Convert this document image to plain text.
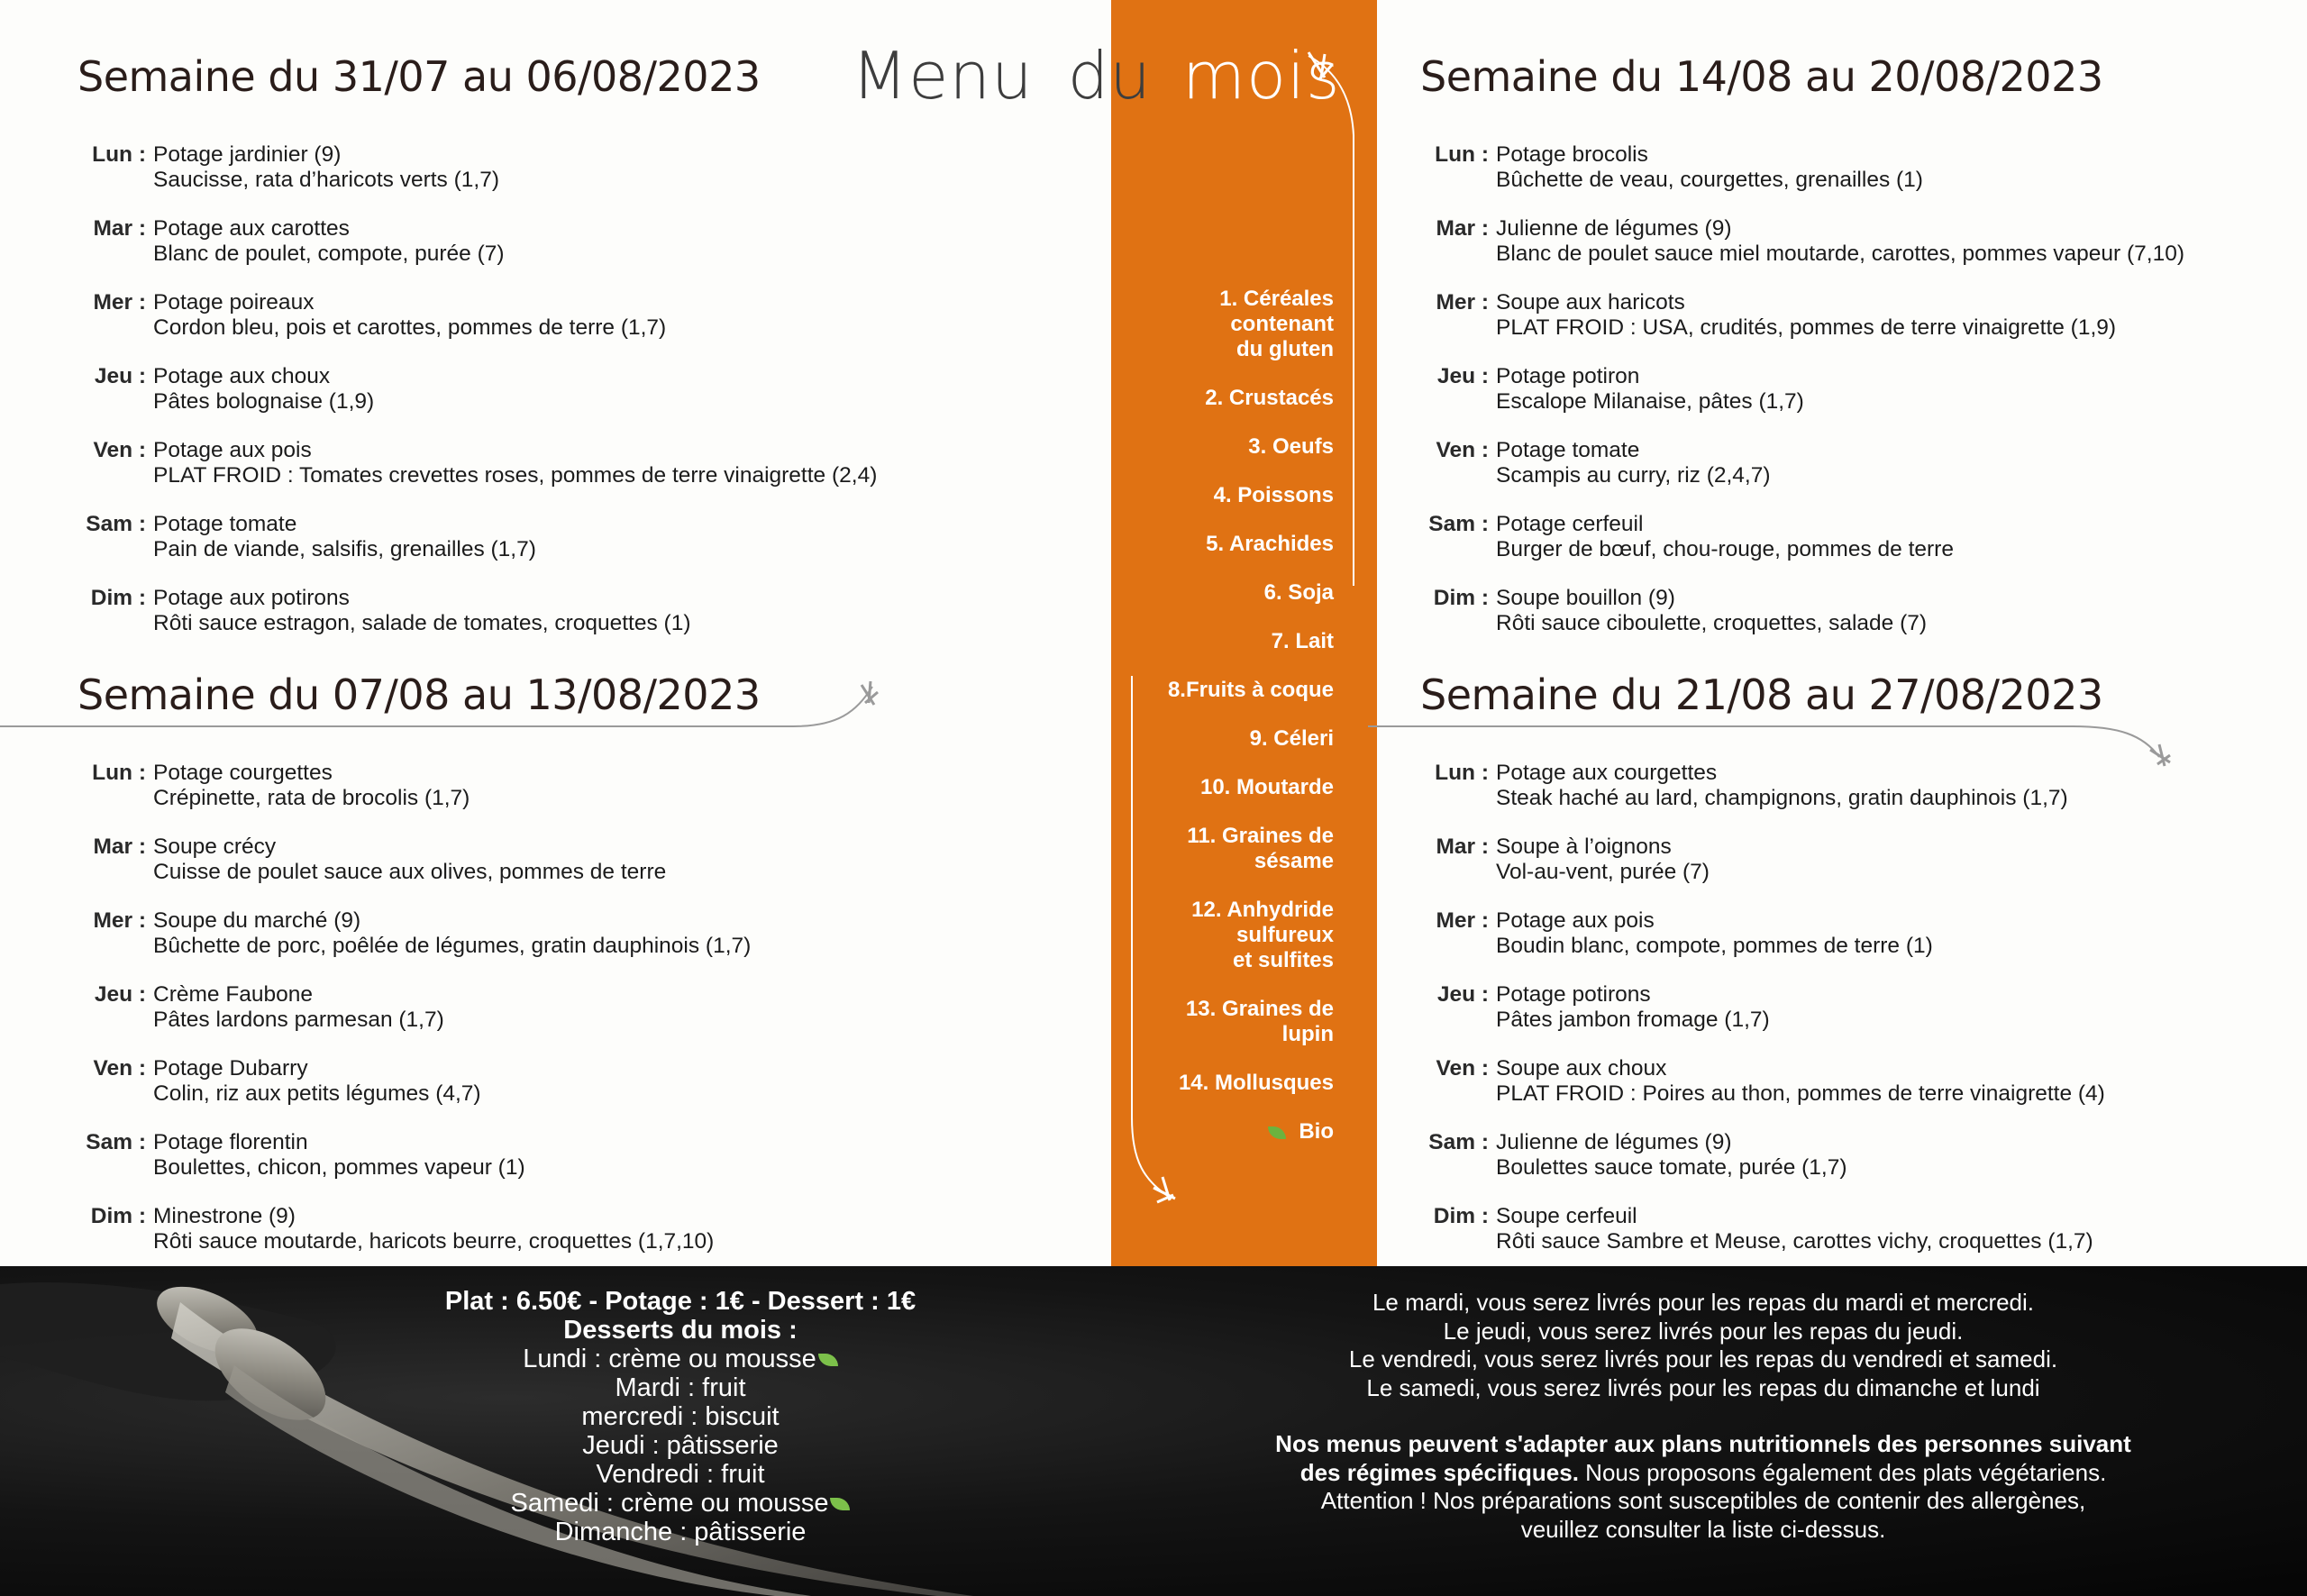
Menu du mois
Semaine du 31/07 au 06/08/2023
Lun : Potage jardinier (9)
Saucisse, rata d’haricots verts (1,7)
Mar : Potage aux carottes
Blanc de poulet, compote, purée (7)
Mer : Potage poireaux
Cordon bleu, pois et carottes, pommes de terre (1,7)
Jeu : Potage aux choux
Pâtes bolognaise (1,9)
Ven : Potage aux pois
PLAT FROID : Tomates crevettes roses, pommes de terre vinaigrette (2,4)
Sam : Potage tomate
Pain de viande, salsifis, grenailles (1,7)
Dim : Potage aux potirons
Rôti sauce estragon, salade de tomates, croquettes (1)
Semaine du 07/08 au 13/08/2023
Lun : Potage courgettes
Crépinette, rata de brocolis (1,7)
Mar : Soupe crécy
Cuisse de poulet sauce aux olives, pommes de terre
Mer : Soupe du marché (9)
Bûchette de porc, poêlée de légumes, gratin dauphinois (1,7)
Jeu : Crème Faubone
Pâtes lardons parmesan (1,7)
Ven : Potage Dubarry
Colin, riz aux petits légumes (4,7)
Sam : Potage florentin
Boulettes, chicon, pommes vapeur (1)
Dim : Minestrone (9)
Rôti sauce moutarde, haricots beurre, croquettes (1,7,10)
Semaine du 14/08 au 20/08/2023
Lun : Potage brocolis
Bûchette de veau, courgettes, grenailles (1)
Mar : Julienne de légumes (9)
Blanc de poulet sauce miel moutarde, carottes, pommes vapeur (7,10)
Mer : Soupe aux haricots
PLAT FROID : USA, crudités, pommes de terre vinaigrette (1,9)
Jeu : Potage potiron
Escalope Milanaise, pâtes (1,7)
Ven : Potage tomate
Scampis au curry, riz (2,4,7)
Sam : Potage cerfeuil
Burger de bœuf, chou-rouge, pommes de terre
Dim : Soupe bouillon (9)
Rôti sauce ciboulette, croquettes, salade (7)
Semaine du 21/08 au 27/08/2023
Lun : Potage aux courgettes
Steak haché au lard, champignons, gratin dauphinois (1,7)
Mar : Soupe à l’oignons
Vol-au-vent, purée (7)
Mer : Potage aux pois
Boudin blanc, compote, pommes de terre (1)
Jeu : Potage potirons
Pâtes jambon fromage (1,7)
Ven : Soupe aux choux
PLAT FROID : Poires au thon, pommes de terre vinaigrette (4)
Sam : Julienne de légumes (9)
Boulettes sauce tomate, purée (1,7)
Dim : Soupe cerfeuil
Rôti sauce Sambre et Meuse, carottes vichy, croquettes (1,7)
1. Céréales
contenant
du gluten
2. Crustacés
3. Oeufs
4. Poissons
5. Arachides
6. Soja
7. Lait
8.Fruits à coque
9. Céleri
10. Moutarde
11. Graines de
sésame
12. Anhydride
sulfureux
et sulfites
13. Graines de
lupin
14. Mollusques
Bio
Plat : 6.50€ - Potage : 1€ - Dessert : 1€
Desserts du mois :
Lundi : crème ou mousse
Mardi : fruit
mercredi : biscuit
Jeudi : pâtisserie
Vendredi : fruit
Samedi : crème ou mousse
Dimanche : pâtisserie
Le mardi, vous serez livrés pour les repas du mardi et mercredi.
Le jeudi, vous serez livrés pour les repas du jeudi.
Le vendredi, vous serez livrés pour les repas du vendredi et samedi.
Le samedi, vous serez livrés pour les repas du dimanche et lundi
Nos menus peuvent s'adapter aux plans nutritionnels des personnes suivant
des régimes spécifiques. Nous proposons également des plats végétariens.
Attention ! Nos préparations sont susceptibles de contenir des allergènes,
veuillez consulter la liste ci-dessus.
